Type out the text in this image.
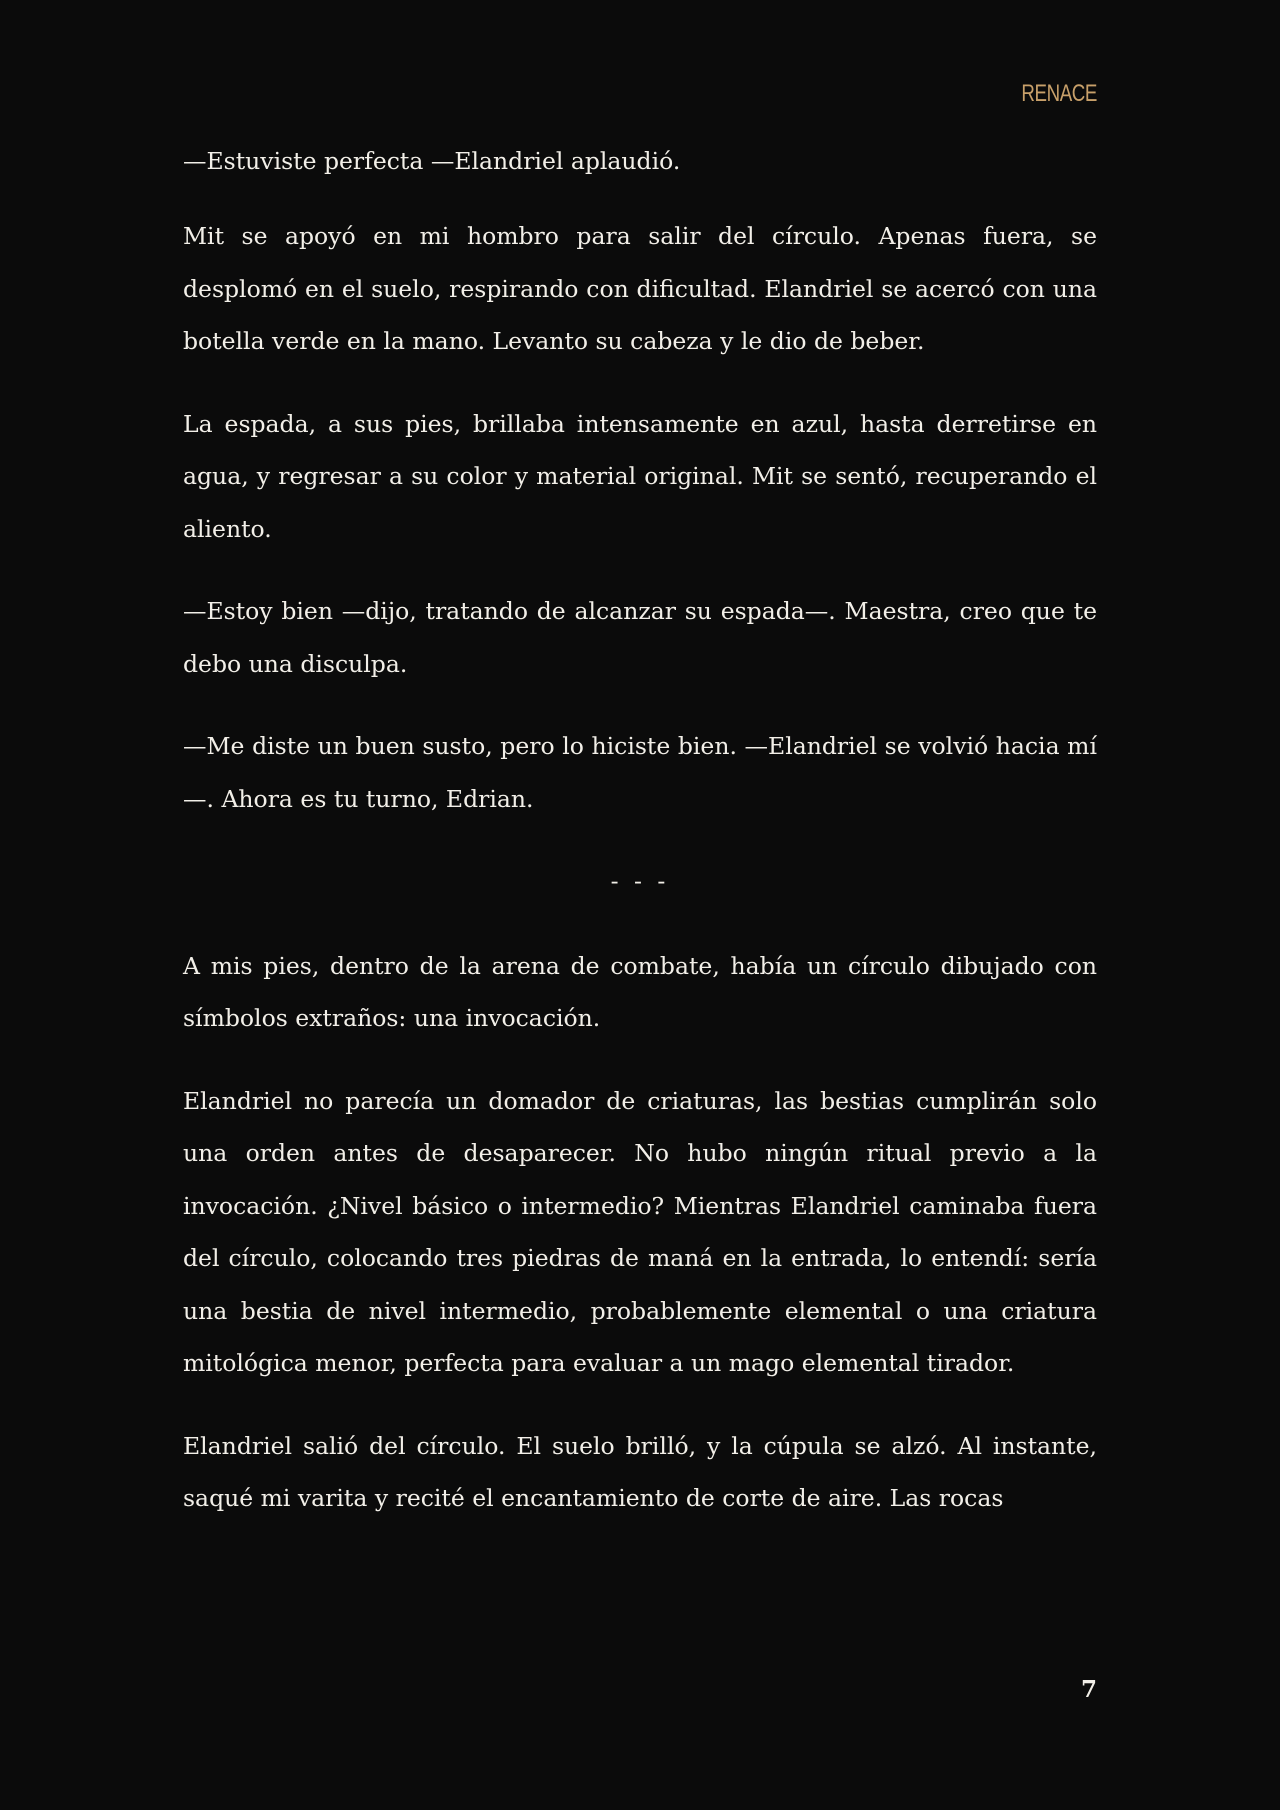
RENACE

—Estuviste perfecta —Elandriel aplaudió.

Mit se apoyó en mi hombro para salir del círculo. Apenas fuera, se desplomó en el suelo, respirando con dificultad. Elandriel se acercó con una botella verde en la mano. Levanto su cabeza y le dio de beber.

La espada, a sus pies, brillaba intensamente en azul, hasta derretirse en agua, y regresar a su color y material original. Mit se sentó, recuperando el aliento.

—Estoy bien —dijo, tratando de alcanzar su espada—. Maestra, creo que te debo una disculpa.

—Me diste un buen susto, pero lo hiciste bien. —Elandriel se volvió hacia mí—. Ahora es tu turno, Edrian.

- - -

A mis pies, dentro de la arena de combate, había un círculo dibujado con símbolos extraños: una invocación.

Elandriel no parecía un domador de criaturas, las bestias cumplirán solo una orden antes de desaparecer. No hubo ningún ritual previo a la invocación. ¿Nivel básico o intermedio? Mientras Elandriel caminaba fuera del círculo, colocando tres piedras de maná en la entrada, lo entendí: sería una bestia de nivel intermedio, probablemente elemental o una criatura mitológica menor, perfecta para evaluar a un mago elemental tirador.

Elandriel salió del círculo. El suelo brilló, y la cúpula se alzó. Al instante, saqué mi varita y recité el encantamiento de corte de aire. Las rocas

7
